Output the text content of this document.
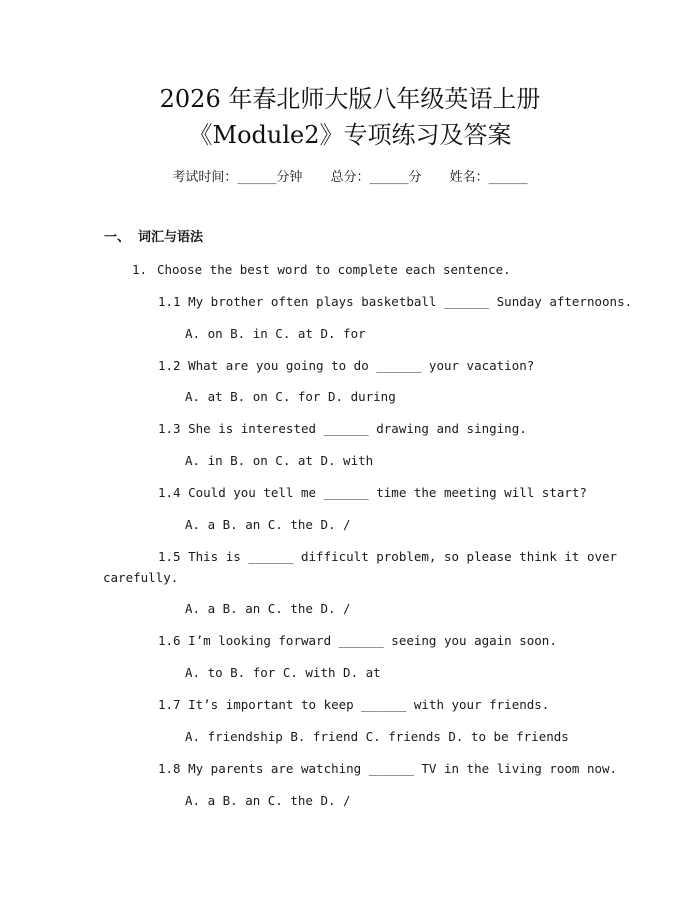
2026 年春北师大版八年级英语上册
《Module2》专项练习及答案
考试时间：______分钟 总分：______分 姓名：______
一、 词汇与语法
1. Choose the best word to complete each sentence.
1.1 My brother often plays basketball ______ Sunday afternoons.
A. on B. in C. at D. for
1.2 What are you going to do ______ your vacation?
A. at B. on C. for D. during
1.3 She is interested ______ drawing and singing.
A. in B. on C. at D. with
1.4 Could you tell me ______ time the meeting will start?
A. a B. an C. the D. /
1.5 This is ______ difficult problem, so please think it over
carefully.
A. a B. an C. the D. /
1.6 I’m looking forward ______ seeing you again soon.
A. to B. for C. with D. at
1.7 It’s important to keep ______ with your friends.
A. friendship B. friend C. friends D. to be friends
1.8 My parents are watching ______ TV in the living room now.
A. a B. an C. the D. /
